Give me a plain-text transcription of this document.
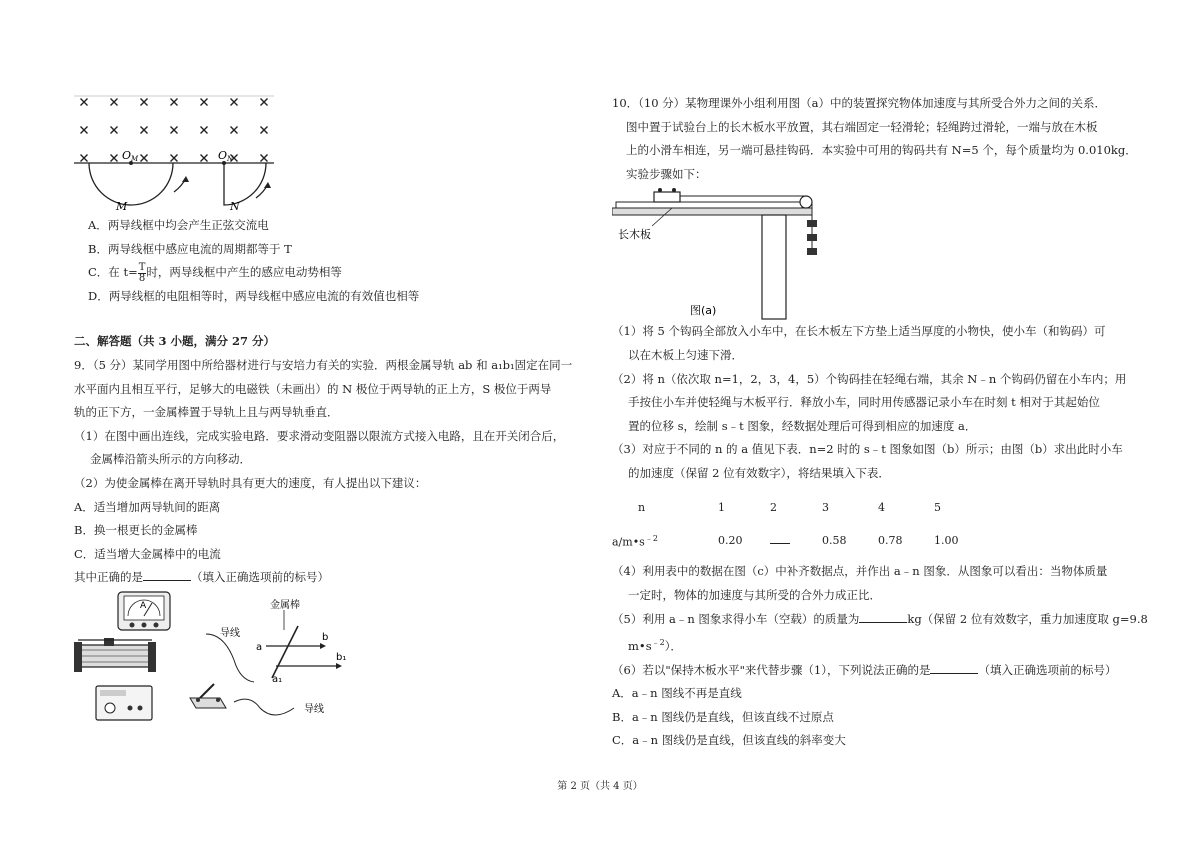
OM	ON
M	N
A．两导线框中均会产生正弦交流电
B．两导线框中感应电流的周期都等于 T
C．在 $t= \frac{T}{8}$ 时，两导线框中产生的感应电动势相等
D．两导线框的电阻相等时，两导线框中感应电流的有效值也相等
二、解答题（共 3 小题，满分 27 分）
9．（5 分）某同学用图中所给器材进行与安培力有关的实验．两根金属导轨 ab 和 a₁b₁固定在同一
水平面内且相互平行，足够大的电磁铁（未画出）的 N 极位于两导轨的正上方，S 极位于两导
轨的正下方，一金属棒置于导轨上且与两导轨垂直．
（1）在图中画出连线，完成实验电路．要求滑动变阻器以限流方式接入电路，且在开关闭合后，
金属棒沿箭头所示的方向移动．
（2）为使金属棒在离开导轨时具有更大的速度，有人提出以下建议：
A．适当增加两导轨间的距离
B．换一根更长的金属棒
C．适当增大金属棒中的电流
其中正确的是	（填入正确选项前的标号）
A
导线
导线
金属棒
a
b
a₁
b₁
10．（10 分）某物理课外小组利用图（a）中的装置探究物体加速度与其所受合外力之间的关系．
图中置于试验台上的长木板水平放置，其右端固定一轻滑轮；轻绳跨过滑轮，一端与放在木板
上的小滑车相连，另一端可悬挂钩码．本实验中可用的钩码共有 N=5 个，每个质量均为 0.010kg．
实验步骤如下：
长木板
图(a)
（1）将 5 个钩码全部放入小车中，在长木板左下方垫上适当厚度的小物快，使小车（和钩码）可
以在木板上匀速下滑．
（2）将 n（依次取 n=1，2，3，4，5）个钩码挂在轻绳右端，其余 N﹣n 个钩码仍留在小车内；用
手按住小车并使轻绳与木板平行．释放小车，同时用传感器记录小车在时刻 t 相对于其起始位
置的位移 s，绘制 s﹣t 图象，经数据处理后可得到相应的加速度 a．
（3）对应于不同的 n 的 a 值见下表．n=2 时的 s﹣t 图象如图（b）所示；由图（b）求出此时小车
的加速度（保留 2 位有效数字），将结果填入下表．
n	1	2	3	4	5
$a/m•s^{﹣2}$	0.20		0.58	0.78	1.00
（4）利用表中的数据在图（c）中补齐数据点，并作出 a﹣n 图象．从图象可以看出：当物体质量
一定时，物体的加速度与其所受的合外力成正比．
（5）利用 a﹣n 图象求得小车（空载）的质量为	kg（保留 2 位有效数字，重力加速度取 g=9.8
$m•s^{﹣2}$）．
（6）若以"保持木板水平"来代替步骤（1），下列说法正确的是	（填入正确选项前的标号）
A．a﹣n 图线不再是直线
B．a﹣n 图线仍是直线，但该直线不过原点
C．a﹣n 图线仍是直线，但该直线的斜率变大
第 2 页（共 4 页）
